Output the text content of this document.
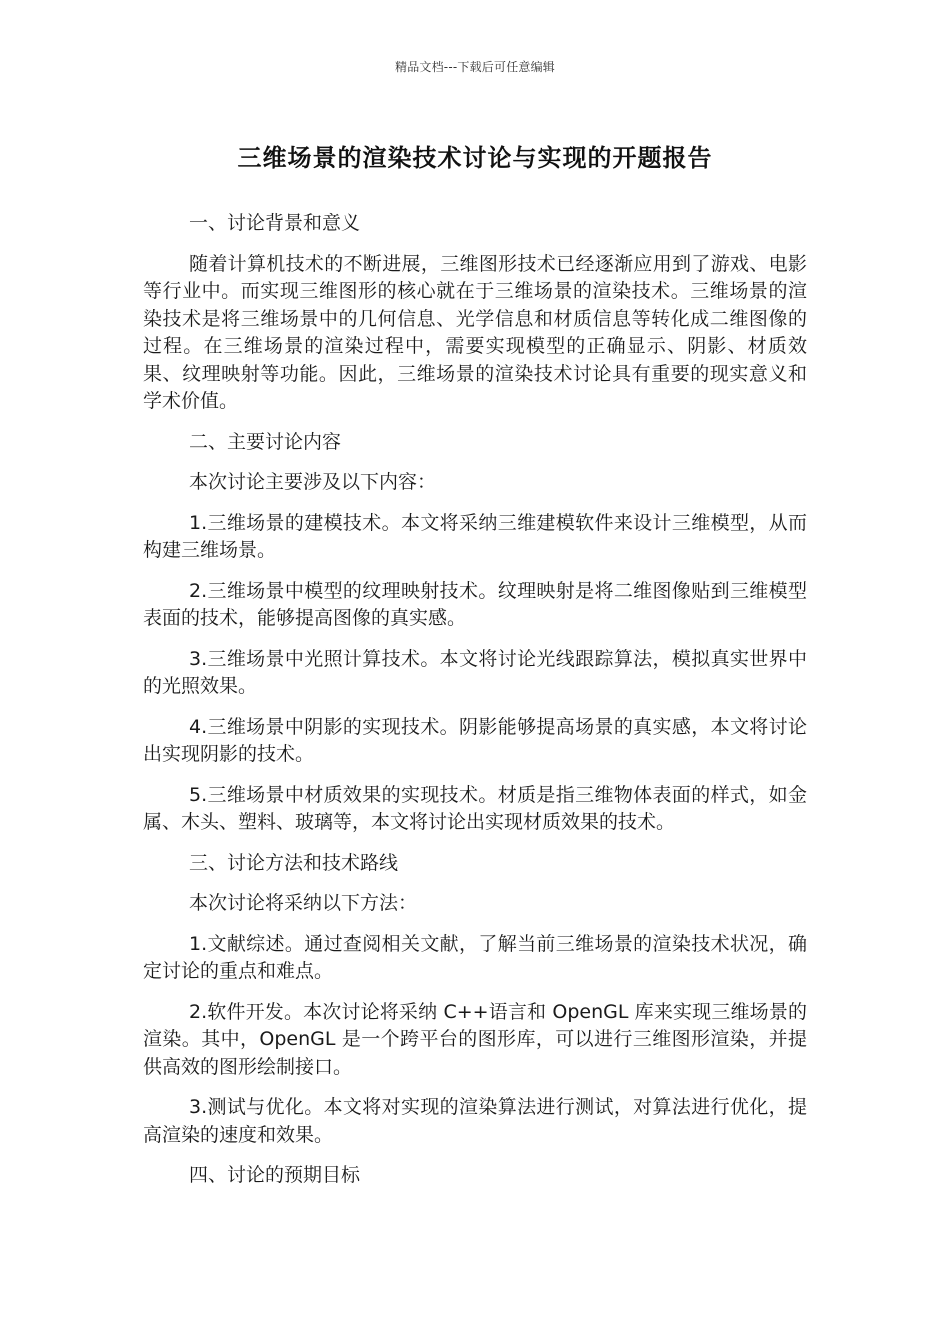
精品文档---下载后可任意编辑
三维场景的渲染技术讨论与实现的开题报告

一、讨论背景和意义

随着计算机技术的不断进展，三维图形技术已经逐渐应用到了游戏、电影等行业中。而实现三维图形的核心就在于三维场景的渲染技术。三维场景的渲染技术是将三维场景中的几何信息、光学信息和材质信息等转化成二维图像的过程。在三维场景的渲染过程中，需要实现模型的正确显示、阴影、材质效果、纹理映射等功能。因此，三维场景的渲染技术讨论具有重要的现实意义和学术价值。

二、主要讨论内容

本次讨论主要涉及以下内容：

1.三维场景的建模技术。本文将采纳三维建模软件来设计三维模型，从而构建三维场景。

2.三维场景中模型的纹理映射技术。纹理映射是将二维图像贴到三维模型表面的技术，能够提高图像的真实感。

3.三维场景中光照计算技术。本文将讨论光线跟踪算法，模拟真实世界中的光照效果。

4.三维场景中阴影的实现技术。阴影能够提高场景的真实感，本文将讨论出实现阴影的技术。

5.三维场景中材质效果的实现技术。材质是指三维物体表面的样式，如金属、木头、塑料、玻璃等，本文将讨论出实现材质效果的技术。

三、讨论方法和技术路线

本次讨论将采纳以下方法：

1.文献综述。通过查阅相关文献，了解当前三维场景的渲染技术状况，确定讨论的重点和难点。

2.软件开发。本次讨论将采纳 C++语言和 OpenGL 库来实现三维场景的渲染。其中，OpenGL 是一个跨平台的图形库，可以进行三维图形渲染，并提供高效的图形绘制接口。

3.测试与优化。本文将对实现的渲染算法进行测试，对算法进行优化，提高渲染的速度和效果。

四、讨论的预期目标
